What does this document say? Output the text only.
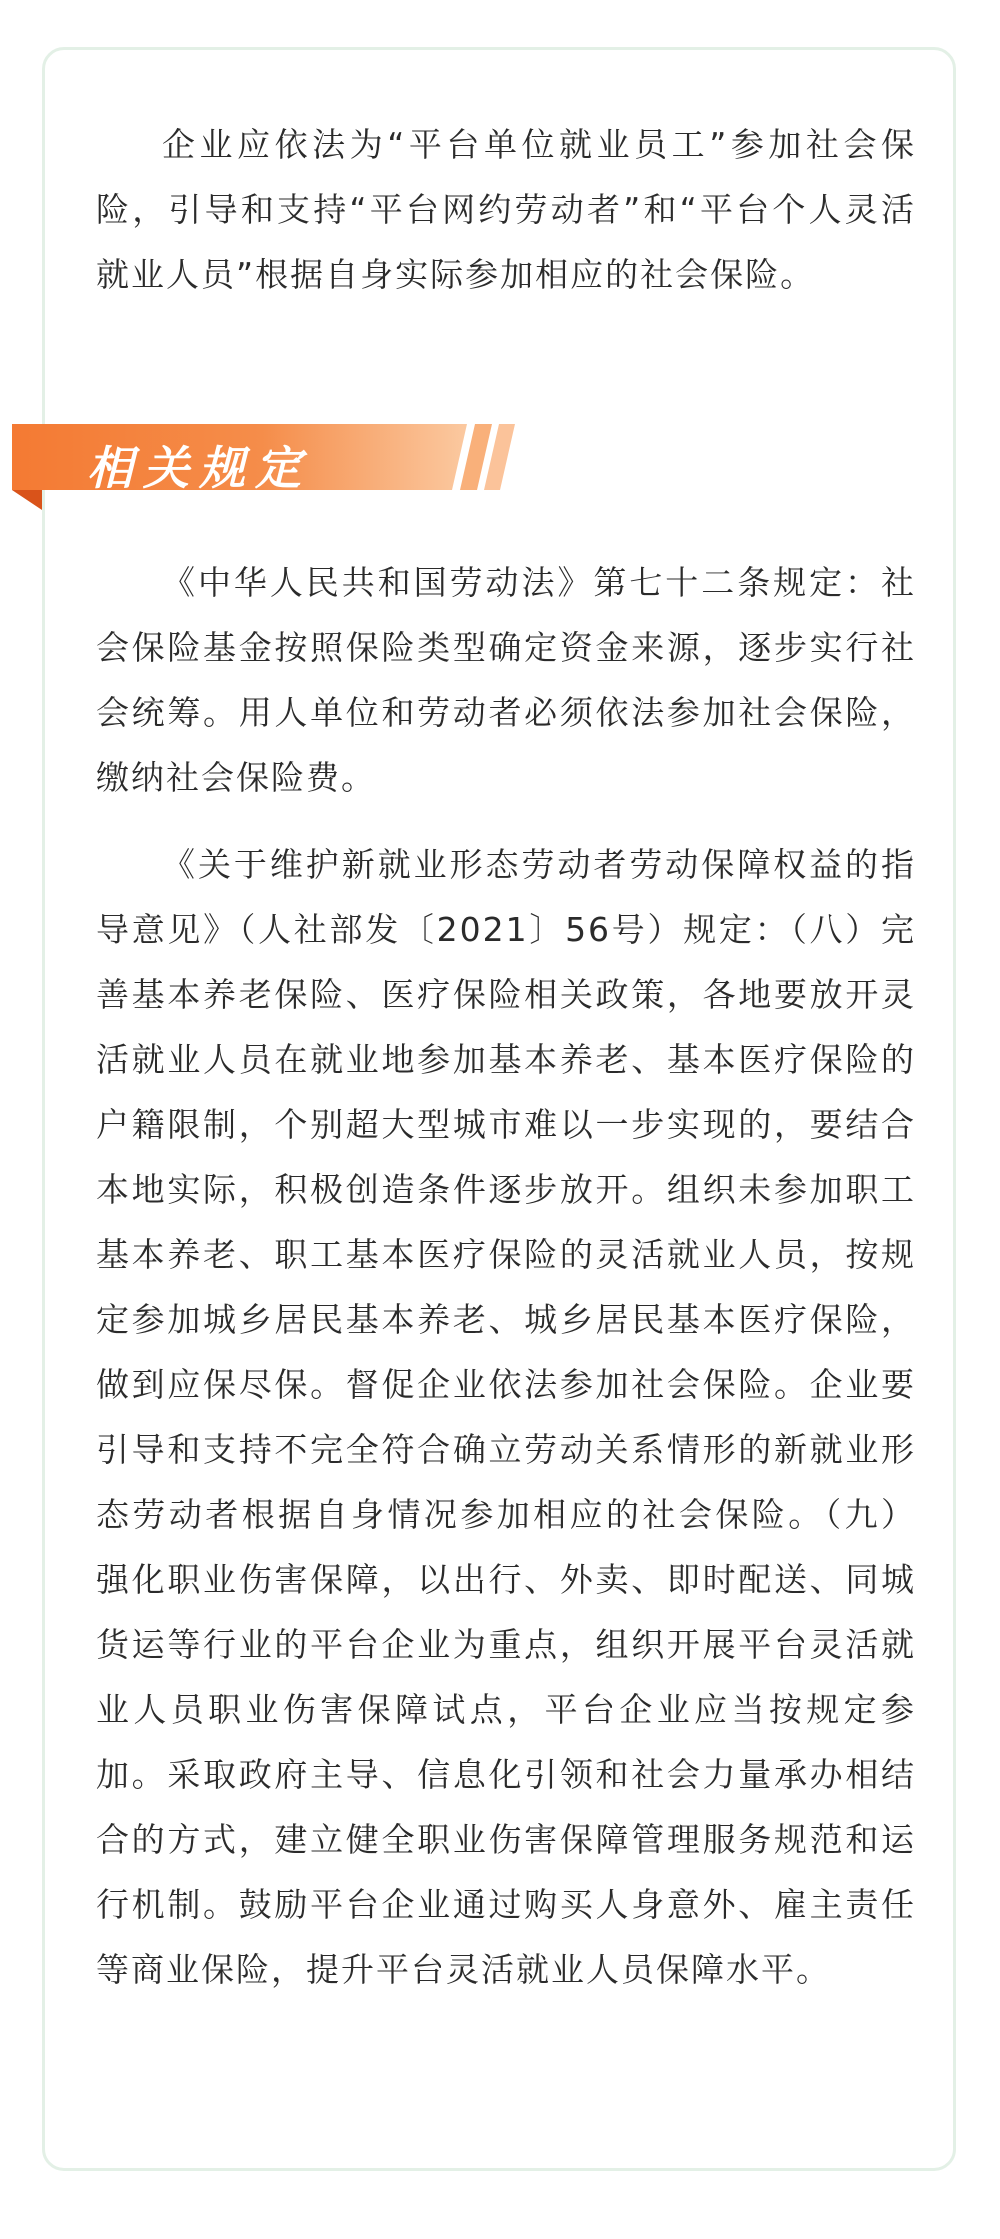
企业应依法为“平台单位就业员工”参加社会保险，引导和支持“平台网约劳动者”和“平台个人灵活就业人员”根据自身实际参加相应的社会保险。

相关规定

《中华人民共和国劳动法》第七十二条规定：社会保险基金按照保险类型确定资金来源，逐步实行社会统筹。用人单位和劳动者必须依法参加社会保险，缴纳社会保险费。

《关于维护新就业形态劳动者劳动保障权益的指导意见》（人社部发〔2021〕56号）规定：（八）完善基本养老保险、医疗保险相关政策，各地要放开灵活就业人员在就业地参加基本养老、基本医疗保险的户籍限制，个别超大型城市难以一步实现的，要结合本地实际，积极创造条件逐步放开。组织未参加职工基本养老、职工基本医疗保险的灵活就业人员，按规定参加城乡居民基本养老、城乡居民基本医疗保险，做到应保尽保。督促企业依法参加社会保险。企业要引导和支持不完全符合确立劳动关系情形的新就业形态劳动者根据自身情况参加相应的社会保险。（九）强化职业伤害保障，以出行、外卖、即时配送、同城货运等行业的平台企业为重点，组织开展平台灵活就业人员职业伤害保障试点，平台企业应当按规定参加。采取政府主导、信息化引领和社会力量承办相结合的方式，建立健全职业伤害保障管理服务规范和运行机制。鼓励平台企业通过购买人身意外、雇主责任等商业保险，提升平台灵活就业人员保障水平。
